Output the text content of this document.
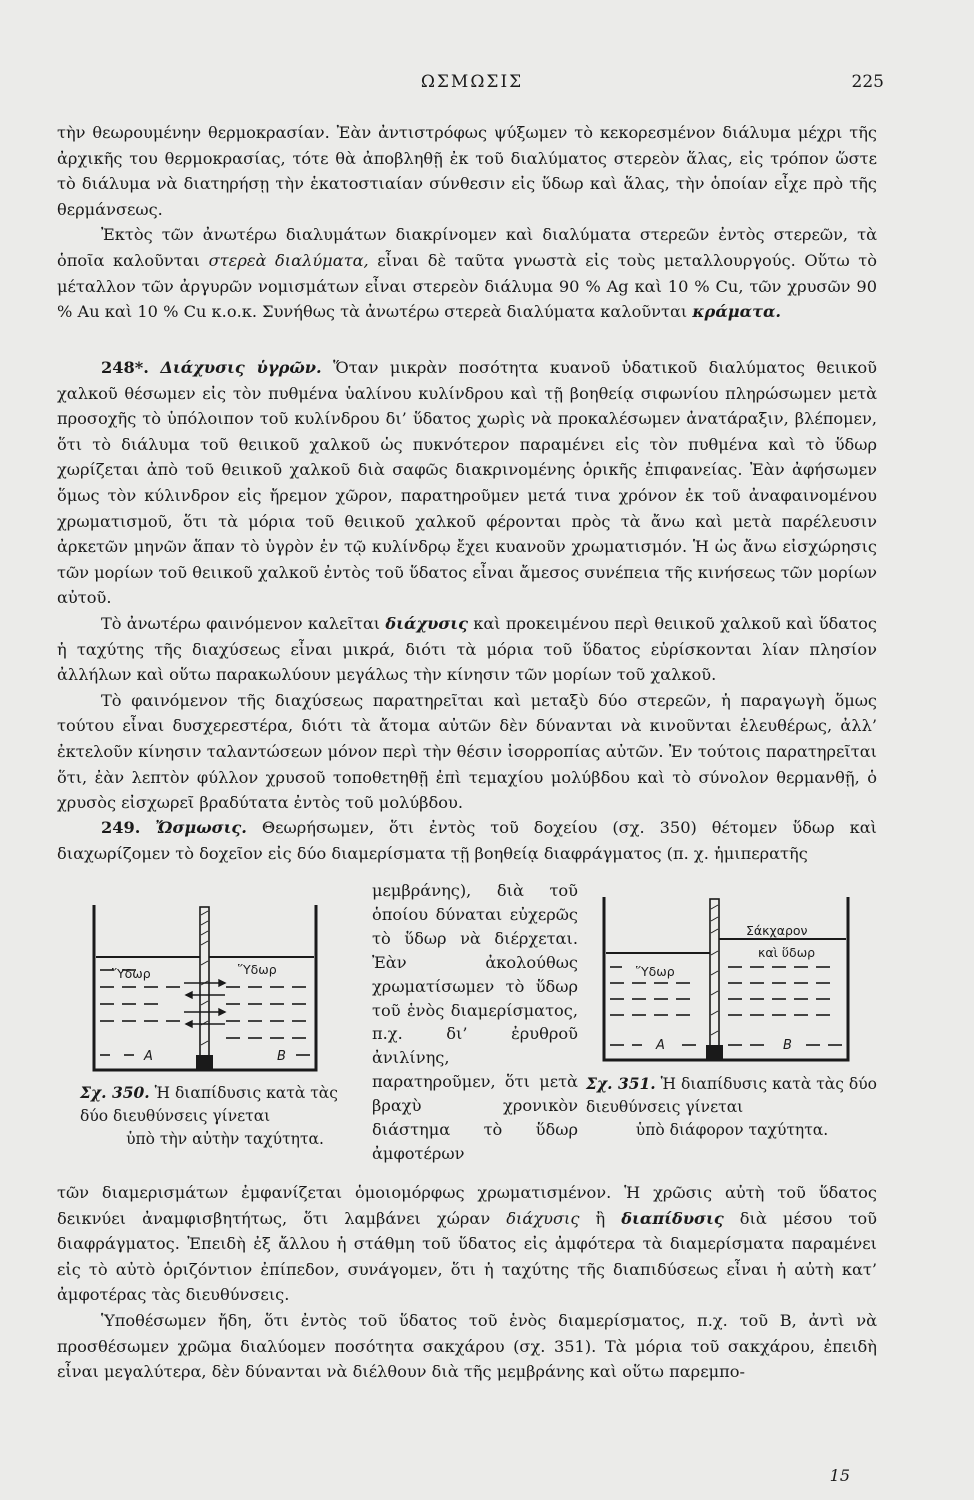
ΩΣΜΩΣΙΣ	225

τὴν θεωρουμένην θερμοκρασίαν. Ἐὰν ἀντιστρόφως ψύξωμεν τὸ κεκορεσμένον διάλυμα μέχρι τῆς ἀρχικῆς του θερμοκρασίας, τότε θὰ ἀποβληθῇ ἐκ τοῦ διαλύματος στερεὸν ἅλας, εἰς τρόπον ὥστε τὸ διάλυμα νὰ διατηρήσῃ τὴν ἑκατοστιαίαν σύνθεσιν εἰς ὕδωρ καὶ ἅλας, τὴν ὁποίαν εἶχε πρὸ τῆς θερμάνσεως.

Ἐκτὸς τῶν ἀνωτέρω διαλυμάτων διακρίνομεν καὶ διαλύματα στερεῶν ἐντὸς στερεῶν, τὰ ὁποῖα καλοῦνται στερεὰ διαλύματα, εἶναι δὲ ταῦτα γνωστὰ εἰς τοὺς μεταλλουργούς. Οὕτω τὸ μέταλλον τῶν ἀργυρῶν νομισμάτων εἶναι στερεὸν διάλυμα 90 % Ag καὶ 10 % Cu, τῶν χρυσῶν 90 % Au καὶ 10 % Cu κ.ο.κ. Συνήθως τὰ ἀνωτέρω στερεὰ διαλύματα καλοῦνται κράματα.

248*. Διάχυσις ὑγρῶν. Ὅταν μικρὰν ποσότητα κυανοῦ ὑδατικοῦ διαλύματος θειικοῦ χαλκοῦ θέσωμεν εἰς τὸν πυθμένα ὑαλίνου κυλίνδρου καὶ τῇ βοηθείᾳ σιφωνίου πληρώσωμεν μετὰ προσοχῆς τὸ ὑπόλοιπον τοῦ κυλίνδρου δι’ ὕδατος χωρὶς νὰ προκαλέσωμεν ἀνατάραξιν, βλέπομεν, ὅτι τὸ διάλυμα τοῦ θειικοῦ χαλκοῦ ὡς πυκνότερον παραμένει εἰς τὸν πυθμένα καὶ τὸ ὕδωρ χωρίζεται ἀπὸ τοῦ θειικοῦ χαλκοῦ διὰ σαφῶς διακρινομένης ὁρικῆς ἐπιφανείας. Ἐὰν ἀφήσωμεν ὅμως τὸν κύλινδρον εἰς ἤρεμον χῶρον, παρατηροῦμεν μετά τινα χρόνον ἐκ τοῦ ἀναφαινομένου χρωματισμοῦ, ὅτι τὰ μόρια τοῦ θειικοῦ χαλκοῦ φέρονται πρὸς τὰ ἄνω καὶ μετὰ παρέλευσιν ἀρκετῶν μηνῶν ἅπαν τὸ ὑγρὸν ἐν τῷ κυλίνδρῳ ἔχει κυανοῦν χρωματισμόν. Ἡ ὡς ἄνω εἰσχώρησις τῶν μορίων τοῦ θειικοῦ χαλκοῦ ἐντὸς τοῦ ὕδατος εἶναι ἄμεσος συνέπεια τῆς κινήσεως τῶν μορίων αὐτοῦ.

Τὸ ἀνωτέρω φαινόμενον καλεῖται διάχυσις καὶ προκειμένου περὶ θειικοῦ χαλκοῦ καὶ ὕδατος ἡ ταχύτης τῆς διαχύσεως εἶναι μικρά, διότι τὰ μόρια τοῦ ὕδατος εὑρίσκονται λίαν πλησίον ἀλλήλων καὶ οὕτω παρακωλύουν μεγάλως τὴν κίνησιν τῶν μορίων τοῦ χαλκοῦ.

Τὸ φαινόμενον τῆς διαχύσεως παρατηρεῖται καὶ μεταξὺ δύο στερεῶν, ἡ παραγωγὴ ὅμως τούτου εἶναι δυσχερεστέρα, διότι τὰ ἄτομα αὐτῶν δὲν δύνανται νὰ κινοῦνται ἐλευθέρως, ἀλλ’ ἐκτελοῦν κίνησιν ταλαντώσεων μόνον περὶ τὴν θέσιν ἰσορροπίας αὐτῶν. Ἐν τούτοις παρατηρεῖται ὅτι, ἐὰν λεπτὸν φύλλον χρυσοῦ τοποθετηθῇ ἐπὶ τεμαχίου μολύβδου καὶ τὸ σύνολον θερμανθῇ, ὁ χρυσὸς εἰσχωρεῖ βραδύτατα ἐντὸς τοῦ μολύβδου.

249. Ὤσμωσις. Θεωρήσωμεν, ὅτι ἐντὸς τοῦ δοχείου (σχ. 350) θέτομεν ὕδωρ καὶ διαχωρίζομεν τὸ δοχεῖον εἰς δύο διαμερίσματα τῇ βοηθείᾳ διαφράγματος (π. χ. ἡμιπερατῆς

μεμβράνης), διὰ τοῦ ὁποίου δύναται εὐχερῶς τὸ ὕδωρ νὰ διέρχεται. Ἐὰν ἀκολούθως χρωματίσωμεν τὸ ὕδωρ τοῦ ἑνὸς διαμερίσματος, π.χ. δι’ ἐρυθροῦ ἀνιλίνης, παρατηροῦμεν, ὅτι μετὰ βραχὺ χρονικὸν διάστημα τὸ ὕδωρ ἀμφοτέρων
Ὕδωρ	Ὕδωρ
A	B
Σχ. 350. Ἡ διαπίδυσις κατὰ τὰς δύο διευθύνσεις γίνεται
ὑπὸ τὴν αὐτὴν ταχύτητα.
Ὕδωρ
Σάκχαρον
καὶ ὕδωρ
A	B
Σχ. 351. Ἡ διαπίδυσις κατὰ τὰς δύο διευθύνσεις γίνεται
ὑπὸ διάφορον ταχύτητα.

τῶν διαμερισμάτων ἐμφανίζεται ὁμοιομόρφως χρωματισμένον. Ἡ χρῶσις αὐτὴ τοῦ ὕδατος δεικνύει ἀναμφισβητήτως, ὅτι λαμβάνει χώραν διάχυσις ἢ διαπίδυσις διὰ μέσου τοῦ διαφράγματος. Ἐπειδὴ ἐξ ἄλλου ἡ στάθμη τοῦ ὕδατος εἰς ἀμφότερα τὰ διαμερίσματα παραμένει εἰς τὸ αὐτὸ ὁριζόντιον ἐπίπεδον, συνάγομεν, ὅτι ἡ ταχύτης τῆς διαπιδύσεως εἶναι ἡ αὐτὴ κατ’ ἀμφοτέρας τὰς διευθύνσεις.

Ὑποθέσωμεν ἤδη, ὅτι ἐντὸς τοῦ ὕδατος τοῦ ἑνὸς διαμερίσματος, π.χ. τοῦ B, ἀντὶ νὰ προσθέσωμεν χρῶμα διαλύομεν ποσότητα σακχάρου (σχ. 351). Τὰ μόρια τοῦ σακχάρου, ἐπειδὴ εἶναι μεγαλύτερα, δὲν δύνανται νὰ διέλθουν διὰ τῆς μεμβράνης καὶ οὕτω παρεμπο-

15
